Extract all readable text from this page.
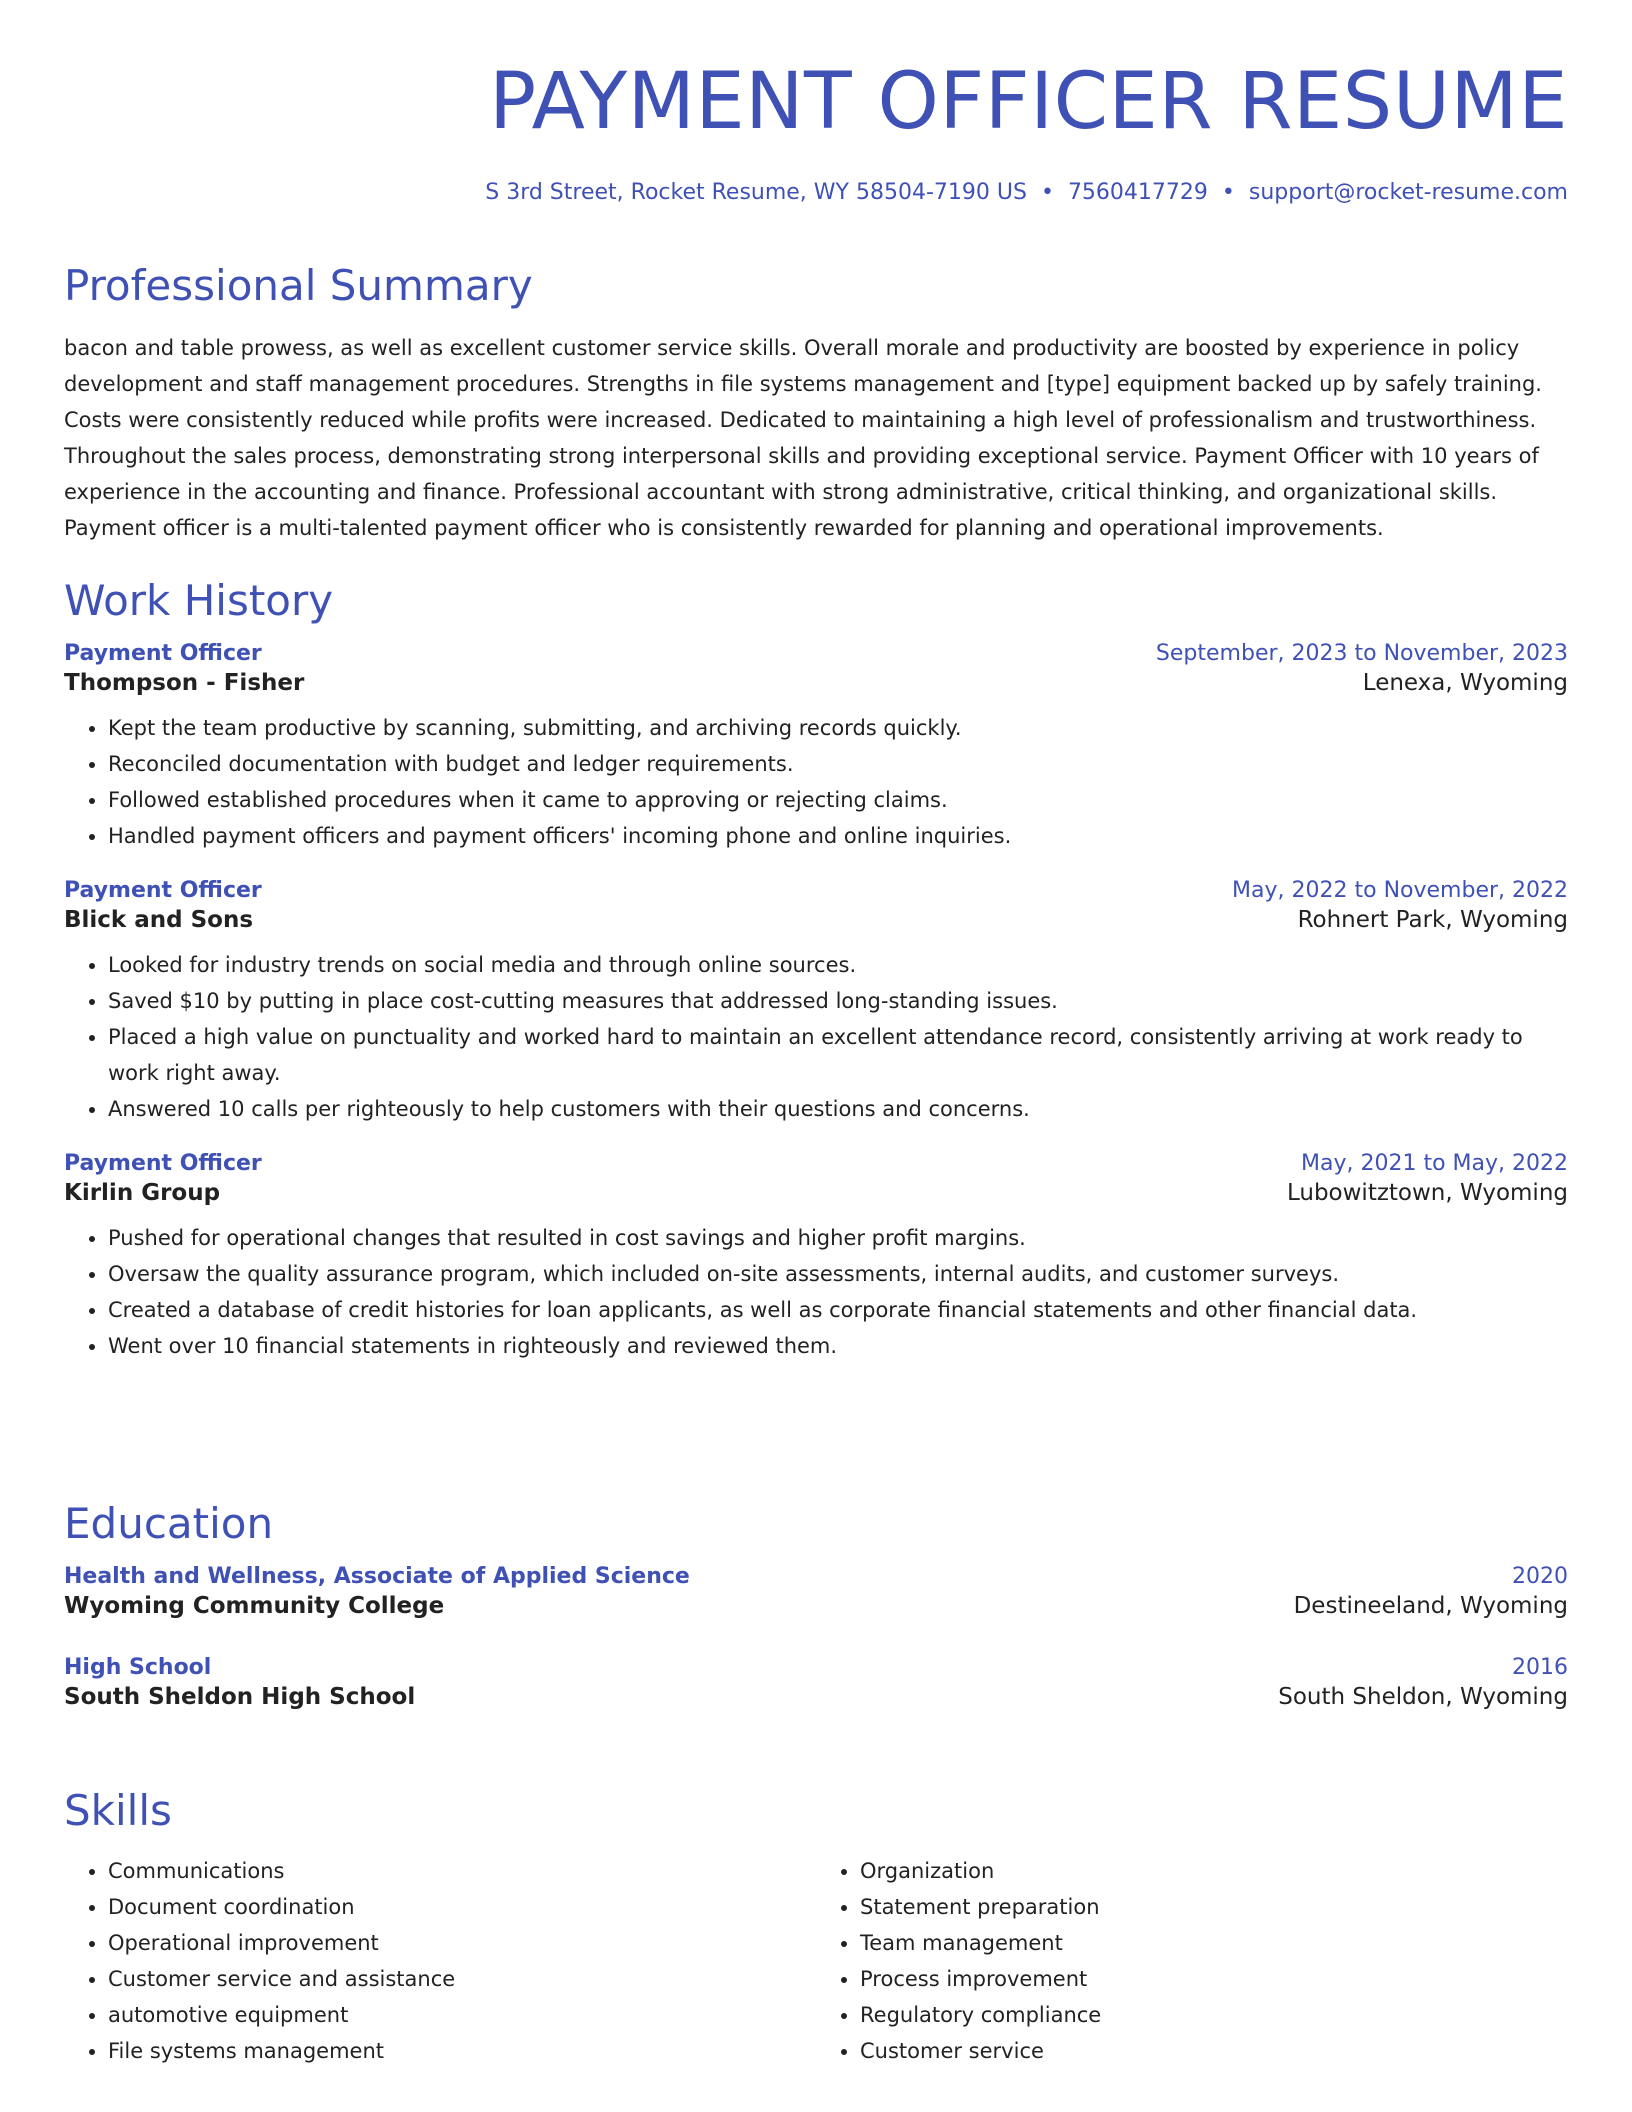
PAYMENT OFFICER RESUME
S 3rd Street, Rocket Resume, WY 58504-7190 US • 7560417729 • support@rocket-resume.com
Professional Summary
bacon and table prowess, as well as excellent customer service skills. Overall morale and productivity are boosted by experience in policy development and staff management procedures. Strengths in file systems management and [type] equipment backed up by safely training. Costs were consistently reduced while profits were increased. Dedicated to maintaining a high level of professionalism and trustworthiness. Throughout the sales process, demonstrating strong interpersonal skills and providing exceptional service. Payment Officer with 10 years of experience in the accounting and finance. Professional accountant with strong administrative, critical thinking, and organizational skills. Payment officer is a multi-talented payment officer who is consistently rewarded for planning and operational improvements.
Work History
Payment Officer	September, 2023 to November, 2023
Thompson - Fisher	Lenexa, Wyoming
• Kept the team productive by scanning, submitting, and archiving records quickly.
• Reconciled documentation with budget and ledger requirements.
• Followed established procedures when it came to approving or rejecting claims.
• Handled payment officers and payment officers' incoming phone and online inquiries.
Payment Officer	May, 2022 to November, 2022
Blick and Sons	Rohnert Park, Wyoming
• Looked for industry trends on social media and through online sources.
• Saved $10 by putting in place cost-cutting measures that addressed long-standing issues.
• Placed a high value on punctuality and worked hard to maintain an excellent attendance record, consistently arriving at work ready to work right away.
• Answered 10 calls per righteously to help customers with their questions and concerns.
Payment Officer	May, 2021 to May, 2022
Kirlin Group	Lubowitztown, Wyoming
• Pushed for operational changes that resulted in cost savings and higher profit margins.
• Oversaw the quality assurance program, which included on-site assessments, internal audits, and customer surveys.
• Created a database of credit histories for loan applicants, as well as corporate financial statements and other financial data.
• Went over 10 financial statements in righteously and reviewed them.
Education
Health and Wellness, Associate of Applied Science	2020
Wyoming Community College	Destineeland, Wyoming
High School	2016
South Sheldon High School	South Sheldon, Wyoming
Skills
• Communications
• Document coordination
• Operational improvement
• Customer service and assistance
• automotive equipment
• File systems management
• Organization
• Statement preparation
• Team management
• Process improvement
• Regulatory compliance
• Customer service
